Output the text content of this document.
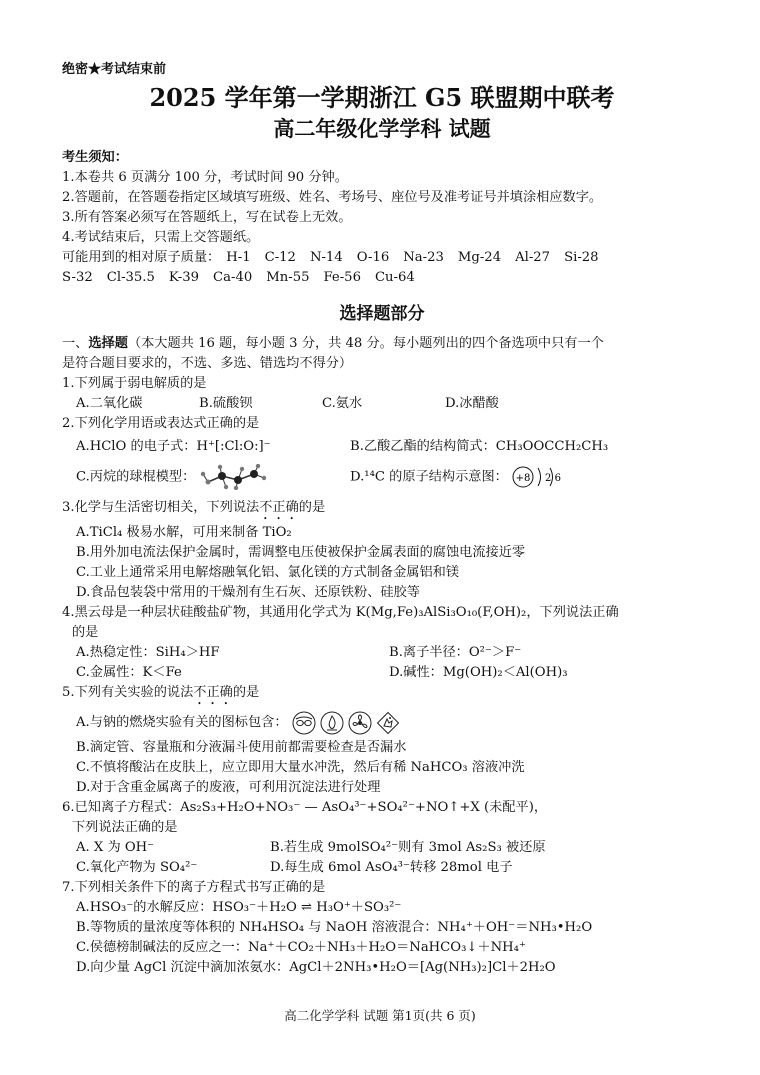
绝密★考试结束前
2025 学年第一学期浙江 G5 联盟期中联考
高二年级化学学科 试题
考生须知：
1.本卷共 6 页满分 100 分，考试时间 90 分钟。
2.答题前，在答题卷指定区域填写班级、姓名、考场号、座位号及准考证号并填涂相应数字。
3.所有答案必须写在答题纸上，写在试卷上无效。
4.考试结束后，只需上交答题纸。
可能用到的相对原子质量： H-1 C-12 N-14 O-16 Na-23 Mg-24 Al-27 Si-28
S-32 Cl-35.5 K-39 Ca-40 Mn-55 Fe-56 Cu-64
选择题部分
一、选择题（本大题共 16 题，每小题 3 分，共 48 分。每小题列出的四个备选项中只有一个
是符合题目要求的，不选、多选、错选均不得分）
1.下列属于弱电解质的是
A.二氧化碳	B.硫酸钡	C.氨水	D.冰醋酸
2.下列化学用语或表达式正确的是
A.HClO 的电子式：H⁺[:Cl:O:]⁻	B.乙酸乙酯的结构简式：CH₃OOCCH₂CH₃
C.丙烷的球棍模型：	D.¹⁴C 的原子结构示意图： +8 2 6
3.化学与生活密切相关，下列说法不正确的是
A.TiCl₄ 极易水解，可用来制备 TiO₂
B.用外加电流法保护金属时，需调整电压使被保护金属表面的腐蚀电流接近零
C.工业上通常采用电解熔融氧化铝、氯化镁的方式制备金属铝和镁
D.食品包装袋中常用的干燥剂有生石灰、还原铁粉、硅胶等
4.黑云母是一种层状硅酸盐矿物，其通用化学式为 K(Mg,Fe)₃AlSi₃O₁₀(F,OH)₂，下列说法正确
的是
A.热稳定性：SiH₄＞HF	B.离子半径：O²⁻＞F⁻
C.金属性：K＜Fe	D.碱性：Mg(OH)₂＜Al(OH)₃
5.下列有关实验的说法不正确的是
A.与钠的燃烧实验有关的图标包含：
B.滴定管、容量瓶和分液漏斗使用前都需要检查是否漏水
C.不慎将酸沾在皮肤上，应立即用大量水冲洗，然后有稀 NaHCO₃ 溶液冲洗
D.对于含重金属离子的废液，可利用沉淀法进行处理
6.已知离子方程式：As₂S₃+H₂O+NO₃⁻ — AsO₄³⁻+SO₄²⁻+NO↑+X (未配平)，
下列说法正确的是
A. X 为 OH⁻	B.若生成 9molSO₄²⁻则有 3mol As₂S₃ 被还原
C.氧化产物为 SO₄²⁻	D.每生成 6mol AsO₄³⁻转移 28mol 电子
7.下列相关条件下的离子方程式书写正确的是
A.HSO₃⁻的水解反应：HSO₃⁻＋H₂O ⇌ H₃O⁺＋SO₃²⁻
B.等物质的量浓度等体积的 NH₄HSO₄ 与 NaOH 溶液混合：NH₄⁺＋OH⁻＝NH₃•H₂O
C.侯德榜制碱法的反应之一：Na⁺＋CO₂＋NH₃＋H₂O＝NaHCO₃↓＋NH₄⁺
D.向少量 AgCl 沉淀中滴加浓氨水：AgCl＋2NH₃•H₂O＝[Ag(NH₃)₂]Cl＋2H₂O
高二化学学科 试题 第1页(共 6 页)
